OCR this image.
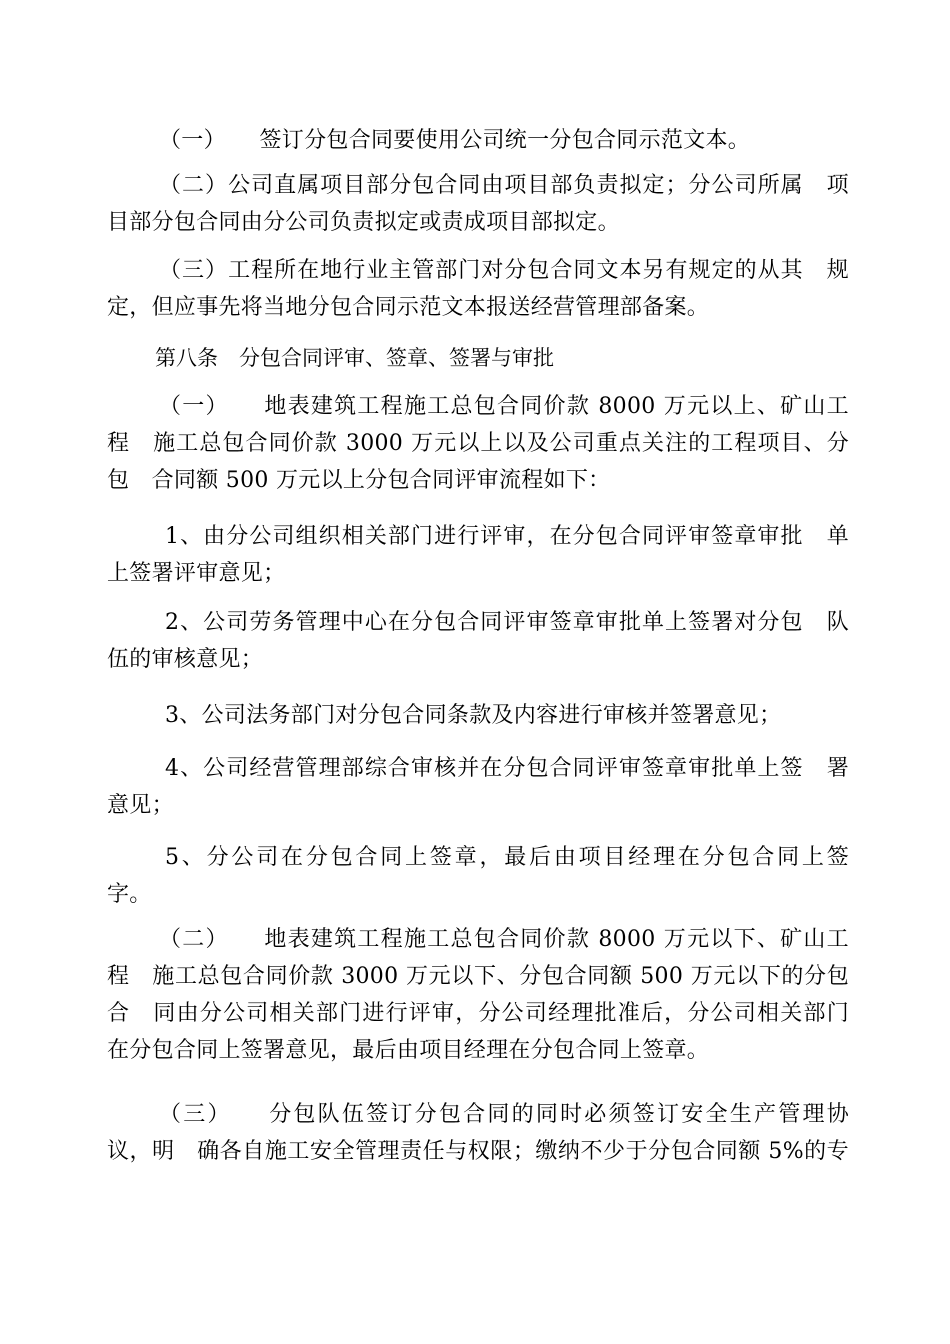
（一）　　签订分包合同要使用公司统一分包合同示范文本。
（二）公司直属项目部分包合同由项目部负责拟定；分公司所属　项
目部分包合同由分公司负责拟定或责成项目部拟定。
（三）工程所在地行业主管部门对分包合同文本另有规定的从其　规
定，但应事先将当地分包合同示范文本报送经营管理部备案。
第八条　分包合同评审、签章、签署与审批
（一）　　地表建筑工程施工总包合同价款 8000 万元以上、矿山工
程　施工总包合同价款 3000 万元以上以及公司重点关注的工程项目、分
包　合同额 500 万元以上分包合同评审流程如下：
1、由分公司组织相关部门进行评审，在分包合同评审签章审批　单
上签署评审意见；
2、公司劳务管理中心在分包合同评审签章审批单上签署对分包　队
伍的审核意见；
3、公司法务部门对分包合同条款及内容进行审核并签署意见；
4、公司经营管理部综合审核并在分包合同评审签章审批单上签　署
意见；
5、分公司在分包合同上签章，最后由项目经理在分包合同上签
字。
（二）　　地表建筑工程施工总包合同价款 8000 万元以下、矿山工
程　施工总包合同价款 3000 万元以下、分包合同额 500 万元以下的分包
合　同由分公司相关部门进行评审，分公司经理批准后，分公司相关部门
在分包合同上签署意见，最后由项目经理在分包合同上签章。
（三）　　分包队伍签订分包合同的同时必须签订安全生产管理协
议，明　确各自施工安全管理责任与权限；缴纳不少于分包合同额 5%的专
